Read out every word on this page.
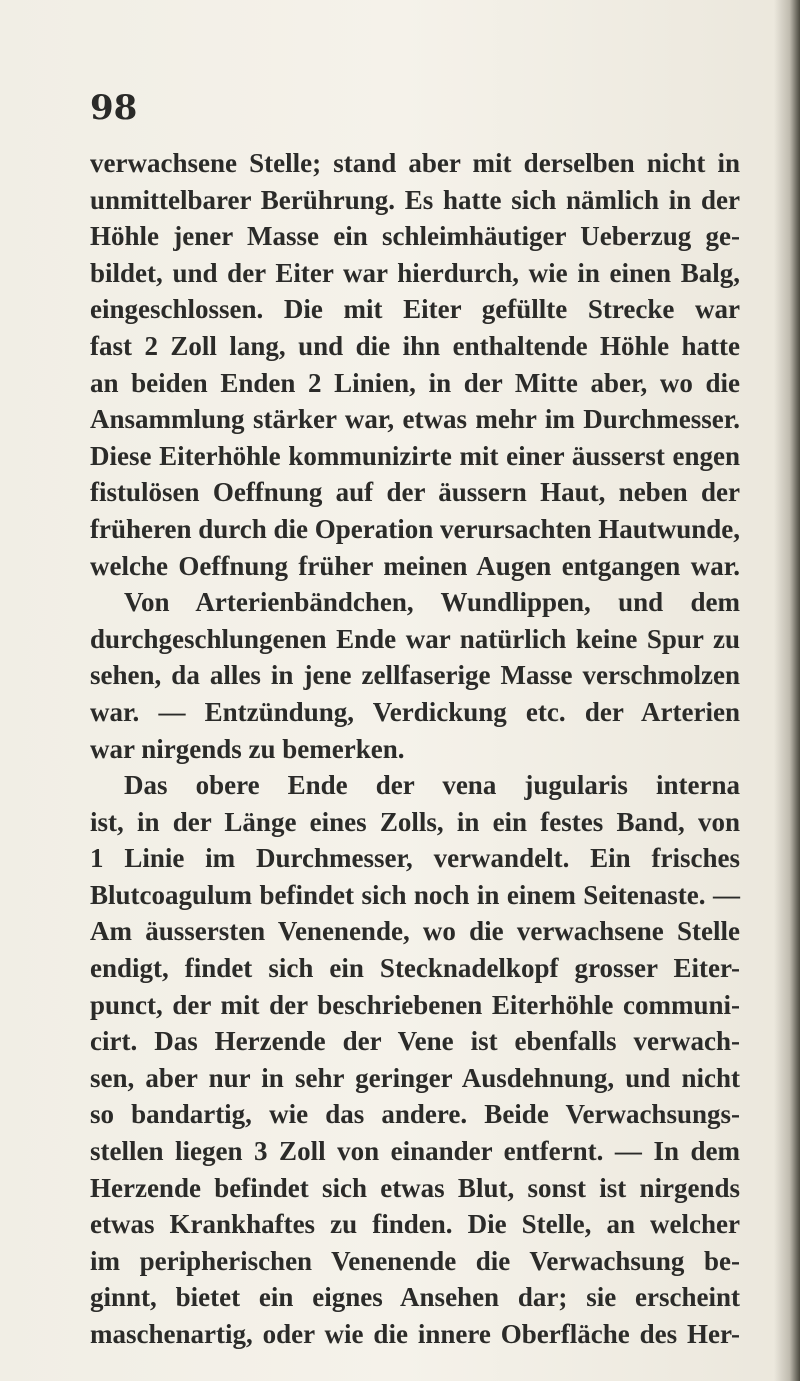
98

verwachsene Stelle; stand aber mit derselben nicht in
unmittelbarer Berührung. Es hatte sich nämlich in der
Höhle jener Masse ein schleimhäutiger Ueberzug ge-
bildet, und der Eiter war hierdurch, wie in einen Balg,
eingeschlossen. Die mit Eiter gefüllte Strecke war
fast 2 Zoll lang, und die ihn enthaltende Höhle hatte
an beiden Enden 2 Linien, in der Mitte aber, wo die
Ansammlung stärker war, etwas mehr im Durchmesser.
Diese Eiterhöhle kommunizirte mit einer äusserst engen
fistulösen Oeffnung auf der äussern Haut, neben der
früheren durch die Operation verursachten Hautwunde,
welche Oeffnung früher meinen Augen entgangen war.
Von Arterienbändchen, Wundlippen, und dem
durchgeschlungenen Ende war natürlich keine Spur zu
sehen, da alles in jene zellfaserige Masse verschmolzen
war. — Entzündung, Verdickung etc. der Arterien
war nirgends zu bemerken.
Das obere Ende der vena jugularis interna
ist, in der Länge eines Zolls, in ein festes Band, von
1 Linie im Durchmesser, verwandelt. Ein frisches
Blutcoagulum befindet sich noch in einem Seitenaste. —
Am äussersten Venenende, wo die verwachsene Stelle
endigt, findet sich ein Stecknadelkopf grosser Eiter-
punct, der mit der beschriebenen Eiterhöhle communi-
cirt. Das Herzende der Vene ist ebenfalls verwach-
sen, aber nur in sehr geringer Ausdehnung, und nicht
so bandartig, wie das andere. Beide Verwachsungs-
stellen liegen 3 Zoll von einander entfernt. — In dem
Herzende befindet sich etwas Blut, sonst ist nirgends
etwas Krankhaftes zu finden. Die Stelle, an welcher
im peripherischen Venenende die Verwachsung be-
ginnt, bietet ein eignes Ansehen dar; sie erscheint
maschenartig, oder wie die innere Oberfläche des Her-
